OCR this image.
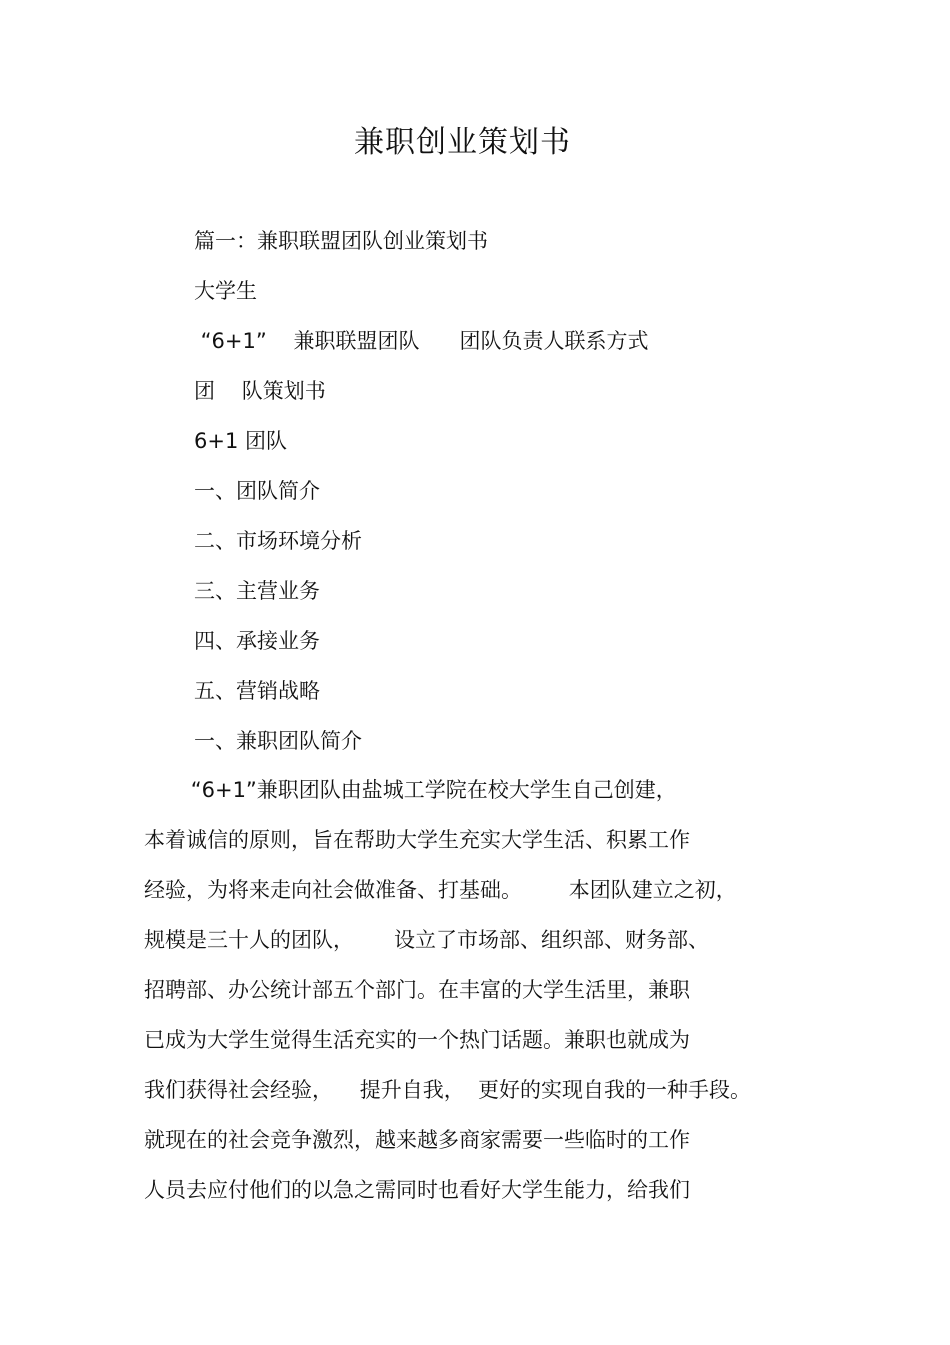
兼职创业策划书
篇一：兼职联盟团队创业策划书
大学生
“6+1”    兼职联盟团队      团队负责人联系方式
团    队策划书
6+1 团队
一、团队简介
二、市场环境分析
三、主营业务
四、承接业务
五、营销战略
一、兼职团队简介
“6+1”兼职团队由盐城工学院在校大学生自己创建，
本着诚信的原则，旨在帮助大学生充实大学生活、积累工作
经验，为将来走向社会做准备、打基础。       本团队建立之初，
规模是三十人的团队，      设立了市场部、组织部、财务部、
招聘部、办公统计部五个部门。在丰富的大学生活里，兼职
已成为大学生觉得生活充实的一个热门话题。兼职也就成为
我们获得社会经验，    提升自我，  更好的实现自我的一种手段。
就现在的社会竞争激烈，越来越多商家需要一些临时的工作
人员去应付他们的以急之需同时也看好大学生能力，给我们
